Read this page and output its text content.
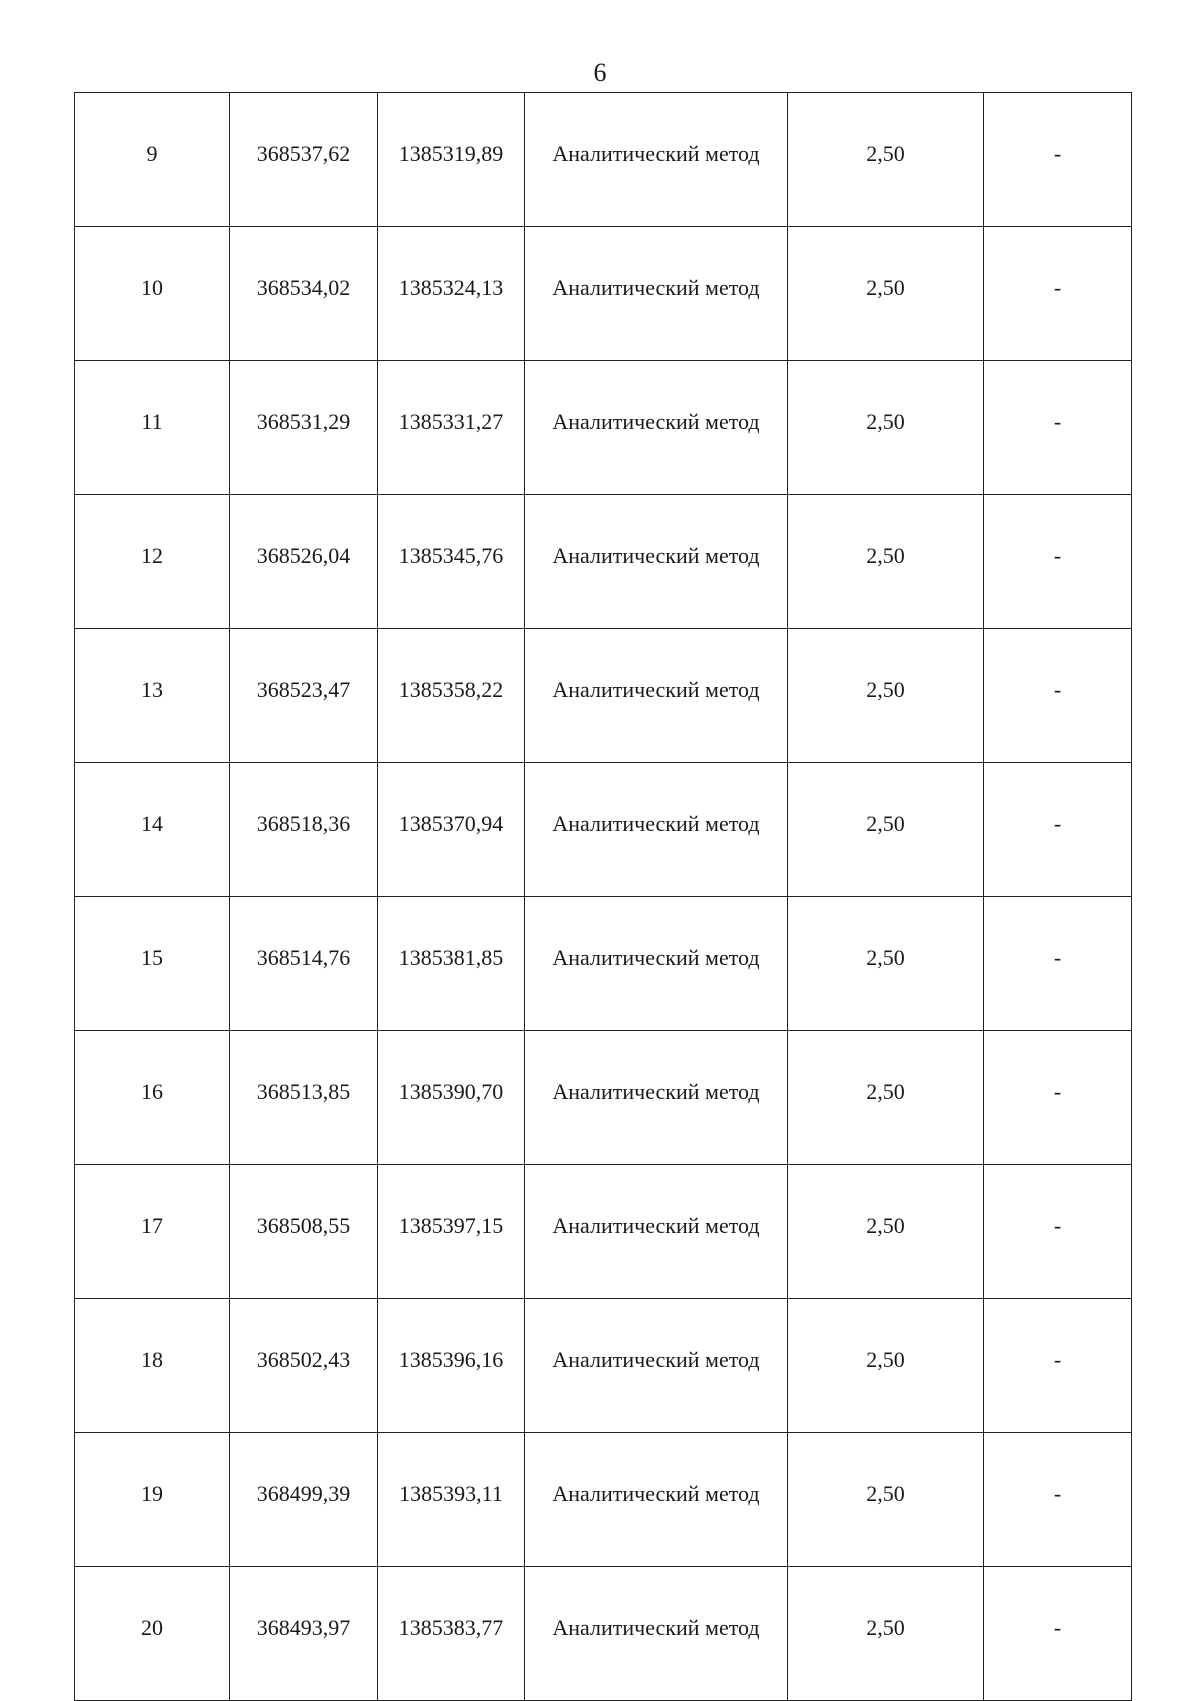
6
9	368537,62	1385319,89	Аналитический метод	2,50	-
10	368534,02	1385324,13	Аналитический метод	2,50	-
11	368531,29	1385331,27	Аналитический метод	2,50	-
12	368526,04	1385345,76	Аналитический метод	2,50	-
13	368523,47	1385358,22	Аналитический метод	2,50	-
14	368518,36	1385370,94	Аналитический метод	2,50	-
15	368514,76	1385381,85	Аналитический метод	2,50	-
16	368513,85	1385390,70	Аналитический метод	2,50	-
17	368508,55	1385397,15	Аналитический метод	2,50	-
18	368502,43	1385396,16	Аналитический метод	2,50	-
19	368499,39	1385393,11	Аналитический метод	2,50	-
20	368493,97	1385383,77	Аналитический метод	2,50	-
